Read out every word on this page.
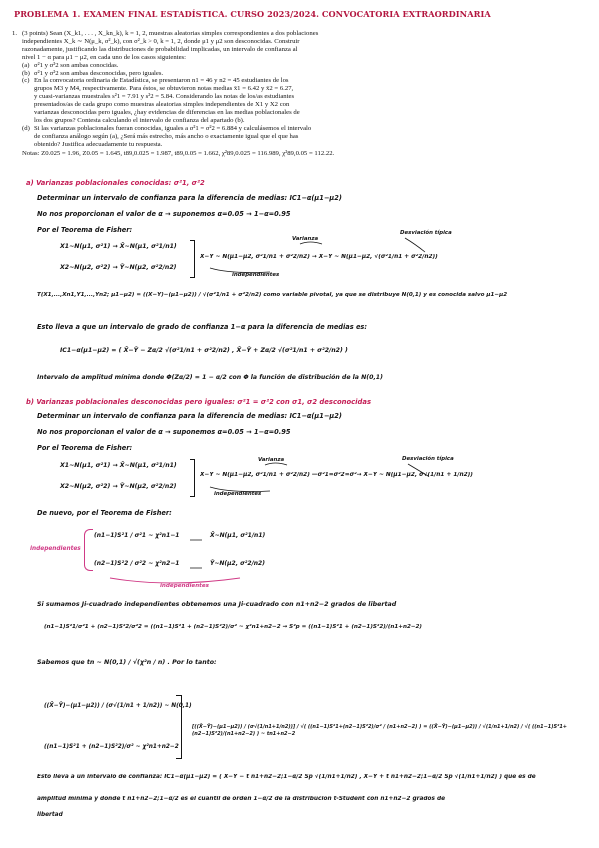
PROBLEMA 1. EXAMEN FINAL ESTADÍSTICA. CURSO 2023/2024. CONVOCATORIA EXTRAORDINARIA
1. (3 points) Sean (X_k1, . . . , X_kn_k), k = 1, 2, muestras aleatorias simples correspondientes a dos poblaciones
independientes X_k ∼ N(μ_k, σ²_k), con σ²_k > 0, k = 1, 2, donde μ1 y μ2 son desconocidas. Construir
razonadamente, justificando las distribuciones de probabilidad implicadas, un intervalo de confianza al
nivel 1 − α para μ1 − μ2, en cada uno de los casos siguientes:
(a) σ²1 y σ²2 son ambas conocidas.
(b) σ²1 y σ²2 son ambas desconocidas, pero iguales.
(c) En la convocatoria ordinaria de Estadística, se presentaron n1 = 46 y n2 = 45 estudiantes de los
grupos M3 y M4, respectivamente. Para éstos, se obtuvieron notas medias x̄1 = 6.42 y x̄2 = 6.27,
y cuasi-varianzas muestrales s²1 = 7.91 y s²2 = 5.84. Considerando las notas de los/as estudiantes
presentados/as de cada grupo como muestras aleatorias simples independientes de X1 y X2 con
varianzas desconocidas pero iguales, ¿hay evidencias de diferencias en las medias poblacionales de
los dos grupos? Contesta calculando el intervalo de confianza del apartado (b).
(d) Si las varianzas poblacionales fueran conocidas, iguales a σ²1 = σ²2 = 6.884 y calculásemos el intervalo
de confianza análogo según (a), ¿Será más estrecho, más ancho o exactamente igual que el que has
obtenido? Justifica adecuadamente tu respuesta.
Notas: Z0.025 = 1.96, Z0.05 = 1.645, t89,0.025 = 1.987, t89,0.05 = 1.662, χ²89,0.025 = 116.989, χ²89,0.05 = 112.22.
a) Varianzas poblacionales conocidas: σ²1, σ²2
Determinar un intervalo de confianza para la diferencia de medias: IC1−α(μ1−μ2)
No nos proporcionan el valor de α → suponemos α=0.05 → 1−α=0.95
Por el Teorema de Fisher:
X1~N(μ1, σ²1) → X̄~N(μ1, σ²1/n1)
X2~N(μ2, σ²2) → Ȳ~N(μ2, σ²2/n2)
Varianza
Desviación típica
X̄−Ȳ ~ N(μ1−μ2, σ²1/n1 + σ²2/n2) → X̄−Ȳ ~ N(μ1−μ2, √(σ²1/n1 + σ²2/n2))
independientes
T(X1,...,Xn1,Y1,...,Yn2; μ1−μ2) = ((X̄−Ȳ)−(μ1−μ2)) / √(σ²1/n1 + σ²2/n2) como variable pivotal, ya que se distribuye N(0,1) y es conocida salvo μ1−μ2
Esto lleva a que un intervalo de grado de confianza 1−α para la diferencia de medias es:
IC1−α(μ1−μ2) = ( X̄−Ȳ − Zα/2 √(σ²1/n1 + σ²2/n2) , X̄−Ȳ + Zα/2 √(σ²1/n1 + σ²2/n2) )
Intervalo de amplitud mínima donde Φ(Zα/2) = 1 − α/2 con Φ la función de distribución de la N(0,1)
b) Varianzas poblacionales desconocidas pero iguales: σ²1 = σ²2 con σ1, σ2 desconocidas
Determinar un intervalo de confianza para la diferencia de medias: IC1−α(μ1−μ2)
No nos proporcionan el valor de α → suponemos α=0.05 → 1−α=0.95
Por el Teorema de Fisher:
X1~N(μ1, σ²1) → X̄~N(μ1, σ²1/n1)
X2~N(μ2, σ²2) → Ȳ~N(μ2, σ²2/n2)
Varianza	Desviación típica
X̄−Ȳ ~ N(μ1−μ2, σ²1/n1 + σ²2/n2) —σ²1=σ²2=σ²→ X̄−Ȳ ~ N(μ1−μ2, σ√(1/n1 + 1/n2))
independientes
De nuevo, por el Teorema de Fisher:
independientes
(n1−1)S²1 / σ²1 ~ χ²n1−1
(n2−1)S²2 / σ²2 ~ χ²n2−1
X̄~N(μ1, σ²1/n1)
Ȳ~N(μ2, σ²2/n2)
independientes
Si sumamos Ji-cuadrado independientes obtenemos una Ji-cuadrado con n1+n2−2 grados de libertad
(n1−1)S²1/σ²1 + (n2−1)S²2/σ²2 = ((n1−1)S²1 + (n2−1)S²2)/σ² ~ χ²n1+n2−2 → S²p = ((n1−1)S²1 + (n2−1)S²2)/(n1+n2−2)
Sabemos que tn ~ N(0,1) / √(χ²n / n) . Por lo tanto:
((X̄−Ȳ)−(μ1−μ2)) / (σ√(1/n1 + 1/n2)) ~ N(0,1)
((n1−1)S²1 + (n2−1)S²2)/σ² ~ χ²n1+n2−2
[((X̄−Ȳ)−(μ1−μ2)) / (σ√(1/n1+1/n2))] / √( ((n1−1)S²1+(n2−1)S²2)/σ² / (n1+n2−2) ) = ((X̄−Ȳ)−(μ1−μ2)) / √(1/n1+1/n2) / √( ((n1−1)S²1+(n2−1)S²2)/(n1+n2−2) ) ~ tn1+n2−2
Esto lleva a un intervalo de confianza: IC1−α(μ1−μ2) = ( X̄−Ȳ − t n1+n2−2;1−α/2 Sp √(1/n1+1/n2) , X̄−Ȳ + t n1+n2−2;1−α/2 Sp √(1/n1+1/n2) ) que es de
amplitud mínima y donde t n1+n2−2;1−α/2 es el cuantil de orden 1−α/2 de la distribución t-Student con n1+n2−2 grados de
libertad
